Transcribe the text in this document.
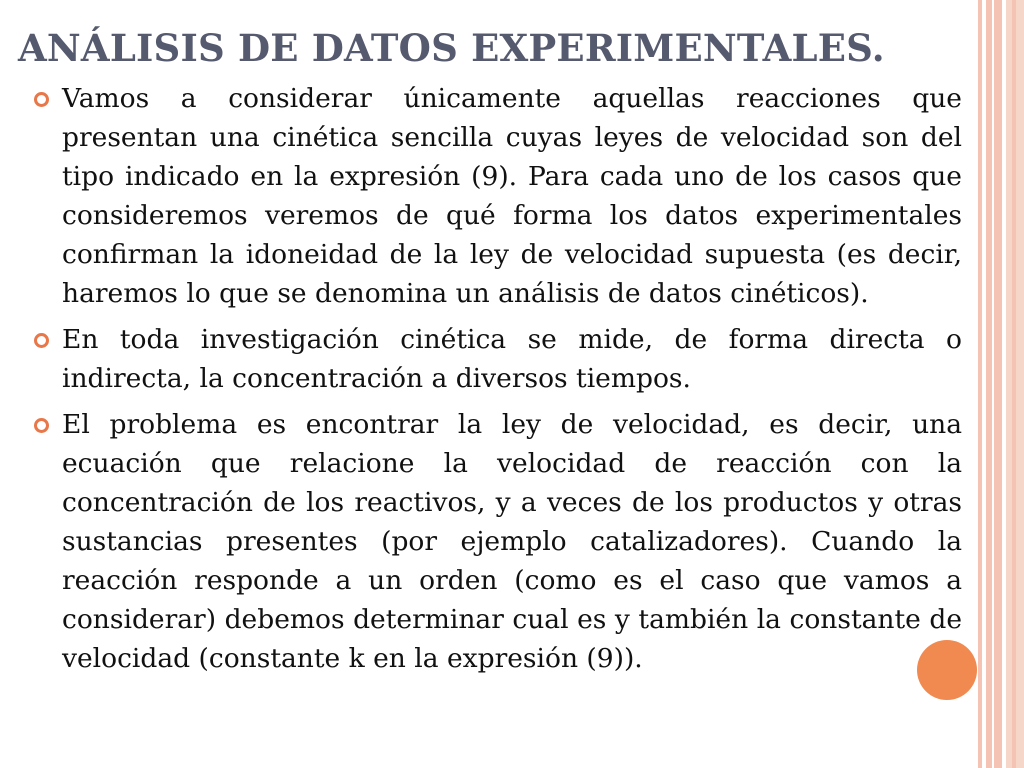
ANÁLISIS DE DATOS EXPERIMENTALES.
Vamos a considerar únicamente aquellas reacciones que presentan una cinética sencilla cuyas leyes de velocidad son del tipo indicado en la expresión (9). Para cada uno de los casos que consideremos veremos de qué forma los datos experimentales confirman la idoneidad de la ley de velocidad supuesta (es decir, haremos lo que se denomina un análisis de datos cinéticos).
En toda investigación cinética se mide, de forma directa o indirecta, la concentración a diversos tiempos.
El problema es encontrar la ley de velocidad, es decir, una ecuación que relacione la velocidad de reacción con la concentración de los reactivos, y a veces de los productos y otras sustancias presentes (por ejemplo catalizadores). Cuando la reacción responde a un orden (como es el caso que vamos a considerar) debemos determinar cual es y también la constante de velocidad (constante k en la expresión (9)).
